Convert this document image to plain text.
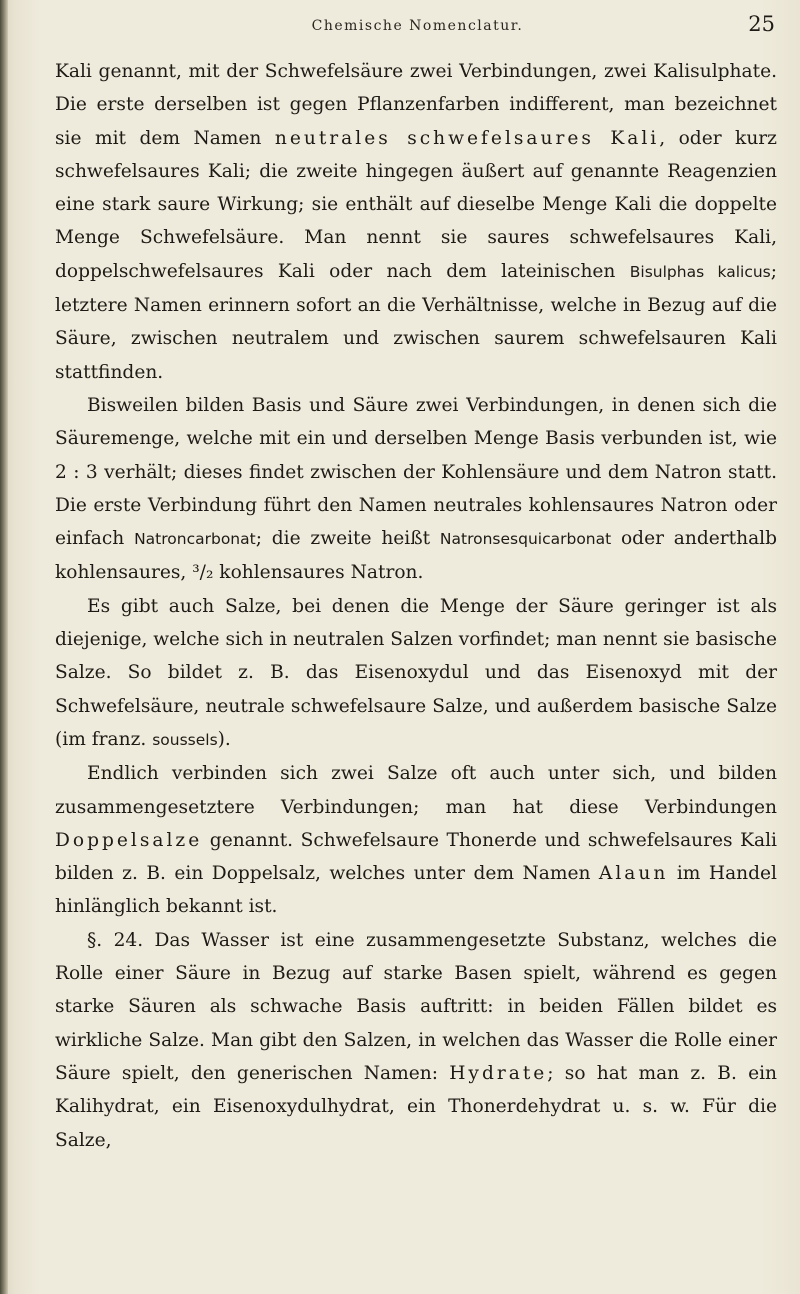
Chemische Nomenclatur.	25

Kali genannt, mit der Schwefelsäure zwei Verbindungen, zwei Kalisulphate. Die erste derselben ist gegen Pflanzenfarben indifferent, man bezeichnet sie mit dem Namen neutrales schwefelsaures Kali, oder kurz schwefelsaures Kali; die zweite hingegen äußert auf genannte Reagenzien eine stark saure Wirkung; sie enthält auf dieselbe Menge Kali die doppelte Menge Schwefelsäure. Man nennt sie saures schwefelsaures Kali, doppelschwefelsaures Kali oder nach dem lateinischen Bisulphas kalicus; letztere Namen erinnern sofort an die Verhältnisse, welche in Bezug auf die Säure, zwischen neutralem und zwischen saurem schwefelsauren Kali stattfinden.

Bisweilen bilden Basis und Säure zwei Verbindungen, in denen sich die Säuremenge, welche mit ein und derselben Menge Basis verbunden ist, wie 2 : 3 verhält; dieses findet zwischen der Kohlensäure und dem Natron statt. Die erste Verbindung führt den Namen neutrales kohlensaures Natron oder einfach Natroncarbonat; die zweite heißt Natronsesquicarbonat oder anderthalb kohlensaures, ³/₂ kohlensaures Natron.

Es gibt auch Salze, bei denen die Menge der Säure geringer ist als diejenige, welche sich in neutralen Salzen vorfindet; man nennt sie basische Salze. So bildet z. B. das Eisenoxydul und das Eisenoxyd mit der Schwefelsäure, neutrale schwefelsaure Salze, und außerdem basische Salze (im franz. soussels).

Endlich verbinden sich zwei Salze oft auch unter sich, und bilden zusammengesetztere Verbindungen; man hat diese Verbindungen Doppelsalze genannt. Schwefelsaure Thonerde und schwefelsaures Kali bilden z. B. ein Doppelsalz, welches unter dem Namen Alaun im Handel hinlänglich bekannt ist.

§. 24. Das Wasser ist eine zusammengesetzte Substanz, welches die Rolle einer Säure in Bezug auf starke Basen spielt, während es gegen starke Säuren als schwache Basis auftritt: in beiden Fällen bildet es wirkliche Salze. Man gibt den Salzen, in welchen das Wasser die Rolle einer Säure spielt, den generischen Namen: Hydrate; so hat man z. B. ein Kalihydrat, ein Eisenoxydulhydrat, ein Thonerdehydrat u. s. w. Für die Salze,
